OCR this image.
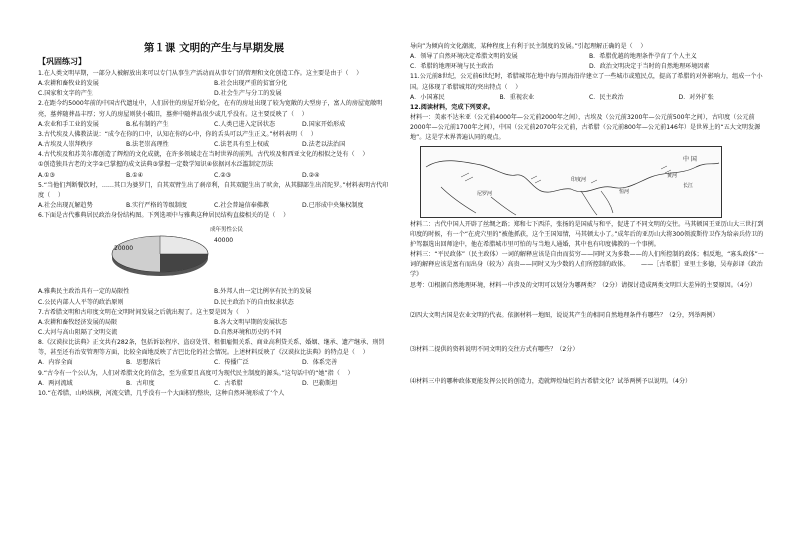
第１课 文明的产生与早期发展
【巩固练习】

1.在人类文明早期，一部分人被解放出来可以专门从事生产活动而从事专门的管理和文化创造工作。这主要是由于（    ）

A.农耕和畜牧业的发展	B.社会出现严重的贫富分化
C.国家和文字的产生	D.社会生产与分工的发展

2.在距今约5000年前的中国古代遗址中，人们居住的房屋开始分化，在有的房址出现了较为宽敞的大型房子，富人的房屋宽敞明亮，墓葬随葬品丰厚；穷人的房屋则狭小破旧，墓葬中随葬品很少或几乎没有。这主要反映了（    ）

A.农业和手工业的发展	B.私有制的产生	C.人类已进入定居状态	D.国家开始形成

3.古代埃及人佛教法说：“成令在你的口中，认知在你的心中，你的舌头可以产生正义。”材料表明（    ）

A.古埃及人崇拜秩序	B.法老崇高理性	C.法老具有至上权威	D.法老以法治国

4.古代埃及和苏美尔都创造了辉煌的文化成就，在许多领域走在当时世界的前列。古代埃及和西亚文化的相似之处有（    ）

①创造独具古老的文字②已掌握的成文法典③掌握一定数学知识④依据河水泛滥制定历法

A.①③	B.①④	C.②③	D.②④

5.“当他们判断餐饮时，……其口为婆罗门，自其双臂生出了刹帝利，自其双腿生出了吠舍，从其脚部生出首陀罗。”材料表明古代印度（    ）

A.社会出现瓦解趋势	B.实行严格的等级制度	C.社会普遍信奉佛教	D.已形成中央集权制度

6.下面是古代雅典居民政治身份结构图。下列选项中与雅典这种居民结构直接相关的是（    ）

20000
40000
成年男性公民
A.雅典民主政治具有一定的局限性	B.外邦人由一定比例享有民主的发展
C.公民内部人人平等的政治原则	D.民主政治下的自由奴隶状态

7.古希腊文明和古印度文明在文明时间发展之后就出现了。这主要是因为（    ）

A.农耕和畜牧经济发展的局限	B.各大文明早期的发展状态
C.大河与高山阻隔了文明交流	D.自然环境和历史的不同

8.《汉谟拉比法典》正文共有282条，包括诉讼程序、盗窃处罚、租佃雇佣关系、商业高利贷关系、婚姻、继承、遗产继承、刑罚等，甚至还有治安管理等方面，比较全面地反映了古巴比伦的社会情况。上述材料反映了《汉谟拉比法典》的特点是（    ）

A．内容全面	B．思想落后	C．传播广泛	D．体系完善

9.“古今有一个公认为，人们对希腊文化的信念，至为重要且高度可为现代民主制度的源头。”这句话中的“她”指（    ）

A．两河流域	B．古印度	C．古希腊	D．巴勒斯坦

10.“在希腊，山岭纵横，河流交错，几乎没有一个大面积的整块，这种自然环境形成了‘个人

导向”为倾向的文化潮流，某种程度上有利于民主制度的发展。”引起理解正确的是（    ）

A．领导了自然环境决定希腊文明的发展	B．希腊优越的地理条件孕育了个人主义
C．希腊的地理环境与民主政治	D．政治文明决定于当时的自然地理环境因素

11.公元前8世纪，公元前6世纪时，希腊城邦在地中海与黑海沿岸建立了一些城市或殖民点，提高了希腊的对外影响力，组成一个小国。这体现了希腊城邦的突出特点（    ）

A．小国寡民	B．重视农业	C．民主政治	D．对外扩张

12.阅读材料，完成下列要求。

材料一：美索不达米亚（公元前4000年—公元前2000年之间），古埃及（公元前3200年—公元前500年之间），古印度（公元前2000年—公元前1700年之间），中国（公元前2070年公元前，古希腊（公元前800年—公元前146年）是世界上的“五大文明发源地”。这是学术界普遍认同的观点。

中 国
黄河
长江
印度河
恒河
尼罗河

材料二：古代中国人开辟了丝绸之路；郑和七下西洋，张扬的是国威与和平，促进了不同文明的交往。马其顿国王亚历山大三世打到印度的时候，有一个“在虎穴里的”被他抓获，这个王国知情，马其顿太小了。”成年后的亚历山大将300领波斯侍卫作为给亲兵侍卫的护驾器选出回师途中，他在希腊城市里可怕的与当地人通婚，其中也有印度佛教的一个事例。

材料三：“平民政体”（民主政体）一词的解释应该是自由而贫穷——同时又为多数——的人们所控制的政体；相反地，“寡头政体”一词的解释应该是富有而出身（较为）高贵——同时又为少数的人们所控制的政体。      ——［古希腊］亚里士多德，吴寿彭译《政治学》

思考：⑴根据自然地理环境，材料一中涉及的文明可以划分为哪两类？（2分）请探讨造成两类文明巨大差异的主要原因。（4分）

⑵四大文明古国是农业文明的代表。依据材料一地图，说说其产生的相同自然地理条件有哪些？（2分，列举两例）

⑶材料二提供的资料说明不同文明的交往方式有哪些？（2分）

⑷材料三中的哪种政体更能发挥公民的创造力，造就辉煌灿烂的古希腊文化？试举两例予以说明。（4分）
